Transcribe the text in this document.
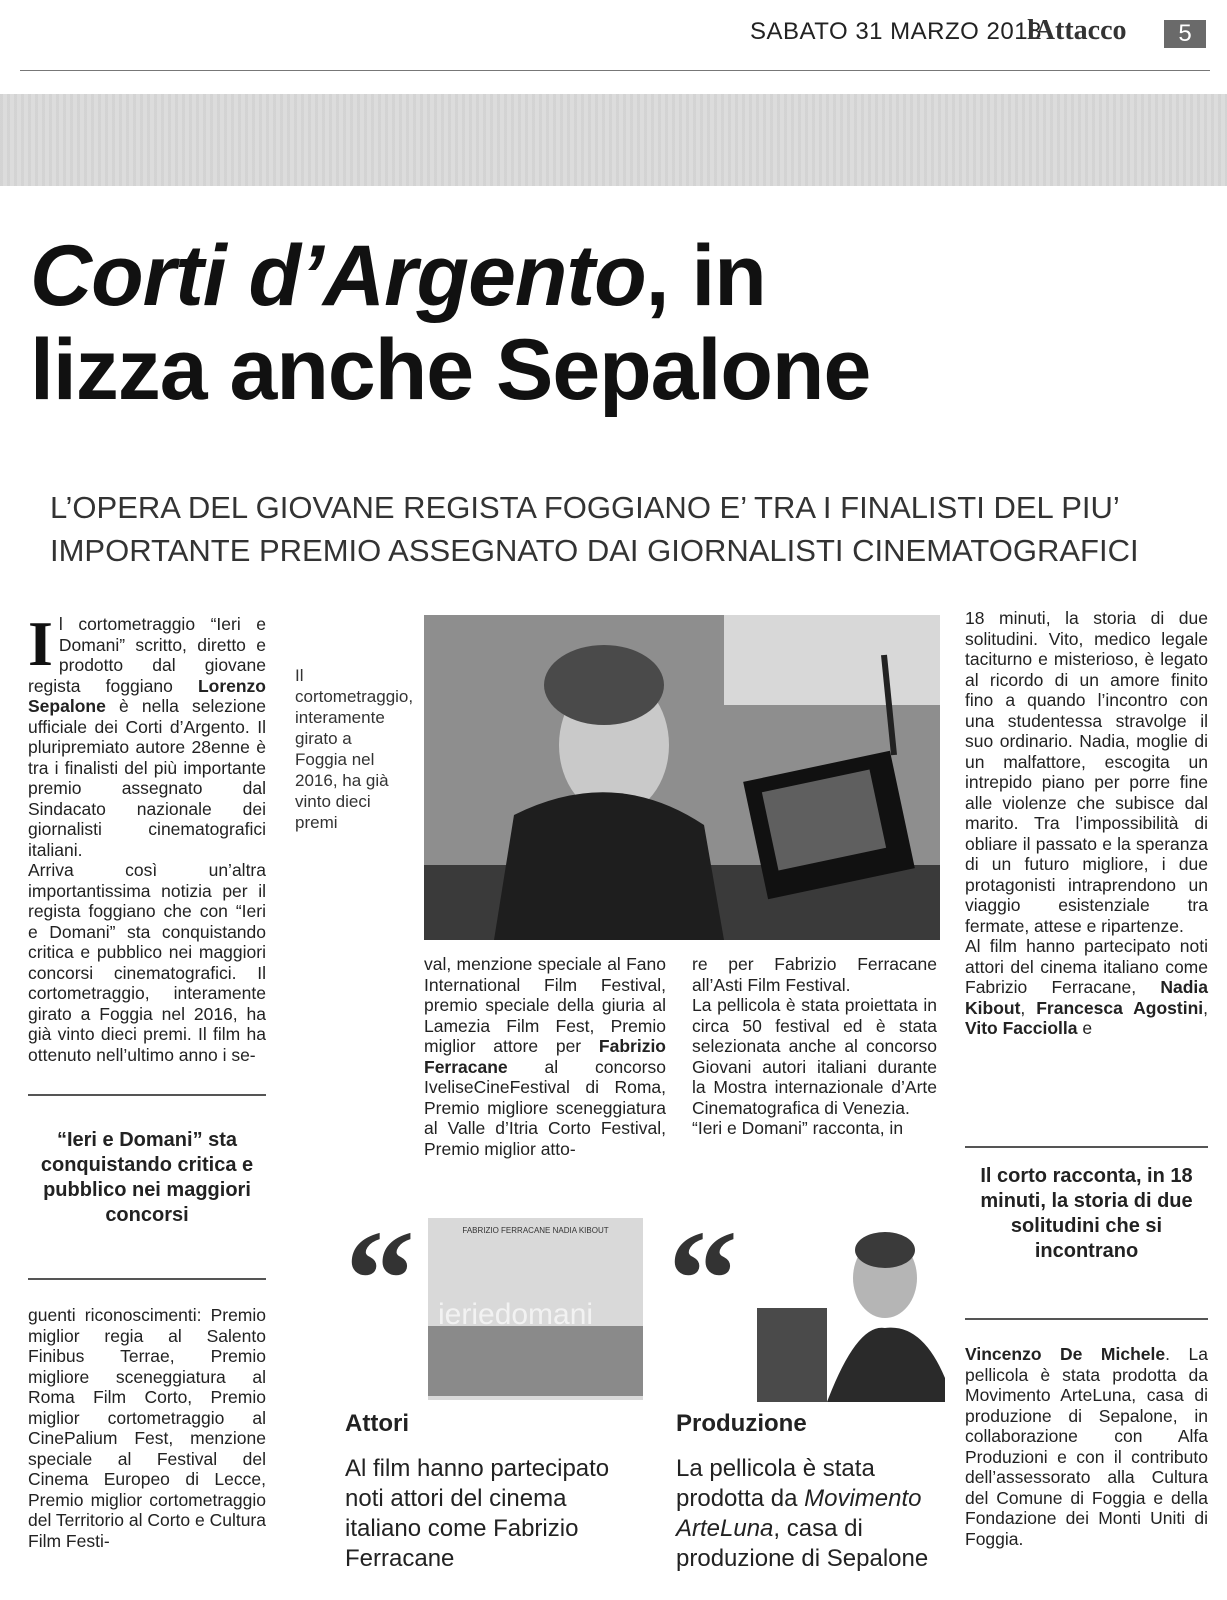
SABATO 31 MARZO 2018
lAttacco	5
Corti d’Argento, in
lizza anche Sepalone
L’OPERA DEL GIOVANE REGISTA FOGGIANO E’ TRA I FINALISTI DEL PIU’
IMPORTANTE PREMIO ASSEGNATO DAI GIORNALISTI CINEMATOGRAFICI
Il cortometraggio “Ieri e Domani” scritto, diretto e prodotto dal giovane regista foggiano Lorenzo Sepalone è nella selezione ufficiale dei Corti d’Argento. Il pluripremiato autore 28enne è tra i finalisti del più importante premio assegnato dal Sindacato nazionale dei giornalisti cinematografici italiani.
Arriva così un’altra importantissima notizia per il regista foggiano che con “Ieri e Domani” sta conquistando critica e pubblico nei maggiori concorsi cinematografici. Il cortometraggio, interamente girato a Foggia nel 2016, ha già vinto dieci premi. Il film ha ottenuto nell’ultimo anno i se-
“Ieri e Domani” sta conquistando critica e pubblico nei maggiori concorsi
guenti riconoscimenti: Premio miglior regia al Salento Finibus Terrae, Premio migliore sceneggiatura al Roma Film Corto, Premio miglior cortometraggio al CinePalium Fest, menzione speciale al Festival del Cinema Europeo di Lecce, Premio miglior cortometraggio del Territorio al Corto e Cultura Film Festi-
Il cortometraggio, interamente girato a Foggia nel 2016, ha già vinto dieci premi
val, menzione speciale al Fano International Film Festival, premio speciale della giuria al Lamezia Film Fest, Premio miglior attore per Fabrizio Ferracane al concorso IveliseCineFestival di Roma, Premio migliore sceneggiatura al Valle d’Itria Corto Festival, Premio miglior atto-
re per Fabrizio Ferracane all’Asti Film Festival.
La pellicola è stata proiettata in circa 50 festival ed è stata selezionata anche al concorso Giovani autori italiani durante la Mostra internazionale d’Arte Cinematografica di Venezia.
“Ieri e Domani” racconta, in
18 minuti, la storia di due solitudini. Vito, medico legale taciturno e misterioso, è legato al ricordo di un amore finito fino a quando l’incontro con una studentessa stravolge il suo ordinario. Nadia, moglie di un malfattore, escogita un intrepido piano per porre fine alle violenze che subisce dal marito. Tra l’impossibilità di obliare il passato e la speranza di un futuro migliore, i due protagonisti intraprendono un viaggio esistenziale tra fermate, attese e ripartenze.
Al film hanno partecipato noti attori del cinema italiano come Fabrizio Ferracane, Nadia Kibout, Francesca Agostini, Vito Facciolla e
Il corto racconta, in 18 minuti, la storia di due solitudini che si incontrano
Vincenzo De Michele. La pellicola è stata prodotta da Movimento ArteLuna, casa di produzione di Sepalone, in collaborazione con Alfa Produzioni e con il contributo dell’assessorato alla Cultura del Comune di Foggia e della Fondazione dei Monti Uniti di Foggia.
“	FABRIZIO FERRACANE NADIA KIBOUT
ieriedomani
Attori
Al film hanno partecipato noti attori del cinema italiano come Fabrizio Ferracane
“
Produzione
La pellicola è stata prodotta da Movimento ArteLuna, casa di produzione di Sepalone
